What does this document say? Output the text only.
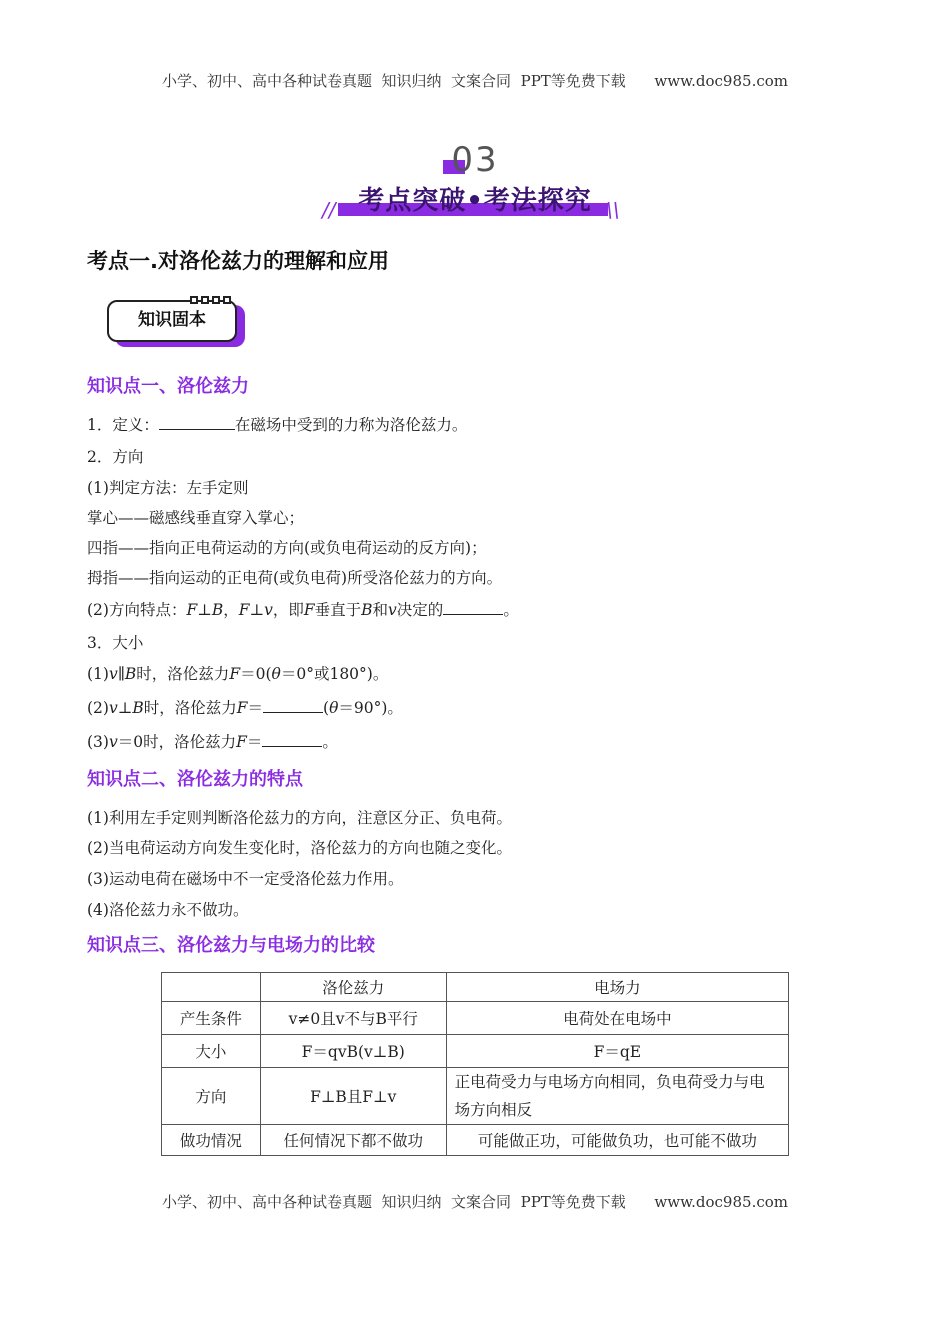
小学、初中、高中各种试卷真题  知识归纳  文案合同  PPT等免费下载      www.doc985.com
03
考点突破•考法探究
//	\\
考点一.对洛伦兹力的理解和应用
知识固本
知识点一、洛伦兹力
1．定义：	在磁场中受到的力称为洛伦兹力。
2．方向
(1)判定方法：左手定则
掌心——磁感线垂直穿入掌心；
四指——指向正电荷运动的方向(或负电荷运动的反方向)；
拇指——指向运动的正电荷(或负电荷)所受洛伦兹力的方向。
(2)方向特点：F⊥B，F⊥v，即F垂直于B和v决定的	。
3．大小
(1)v∥B时，洛伦兹力F＝0(θ＝0°或180°)。
(2)v⊥B时，洛伦兹力F＝	(θ＝90°)。
(3)v＝0时，洛伦兹力F＝	。
知识点二、洛伦兹力的特点
(1)利用左手定则判断洛伦兹力的方向，注意区分正、负电荷。
(2)当电荷运动方向发生变化时，洛伦兹力的方向也随之变化。
(3)运动电荷在磁场中不一定受洛伦兹力作用。
(4)洛伦兹力永不做功。
知识点三、洛伦兹力与电场力的比较
	洛伦兹力	电场力
产生条件	v≠0且v不与B平行	电荷处在电场中
大小	F＝qvB(v⊥B)	F＝qE
方向	F⊥B且F⊥v	正电荷受力与电场方向相同，负电荷受力与电场方向相反
做功情况	任何情况下都不做功	可能做正功，可能做负功，也可能不做功
小学、初中、高中各种试卷真题  知识归纳  文案合同  PPT等免费下载      www.doc985.com
